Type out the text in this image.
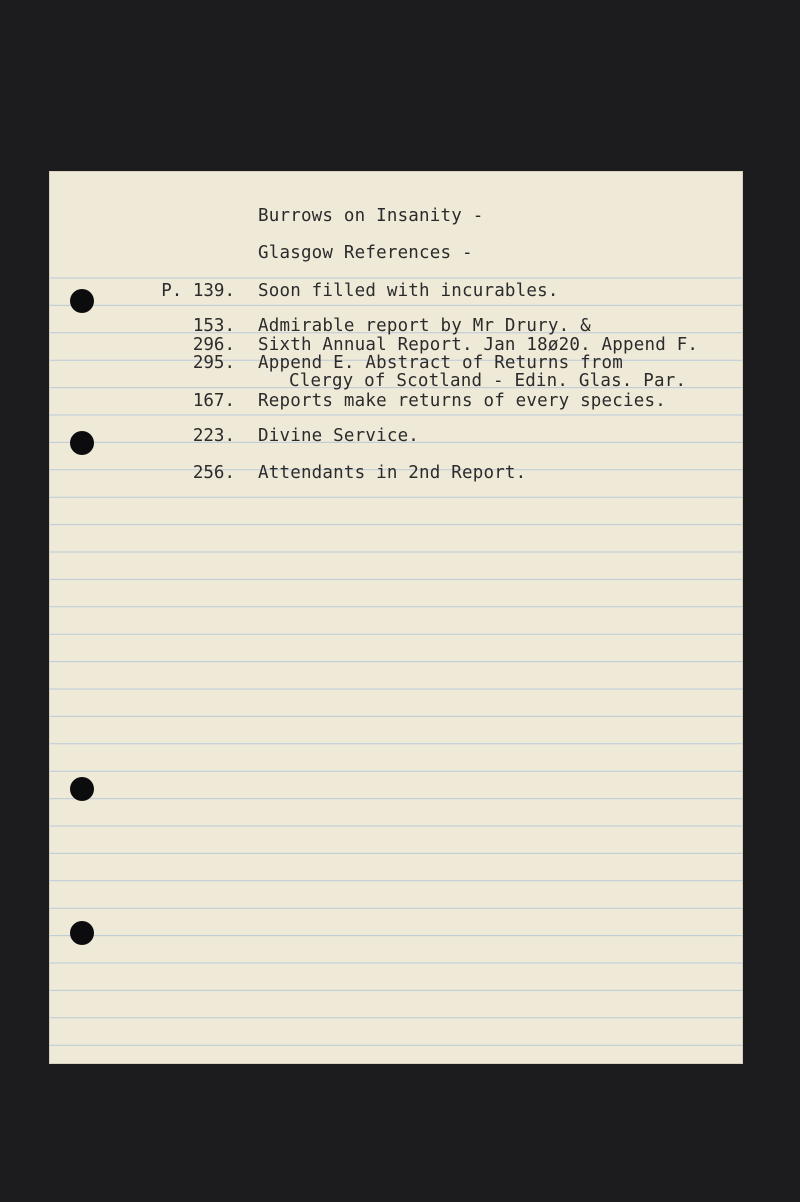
Burrows on Insanity -
Glasgow References -
P. 139. Soon filled with incurables.
153. Admirable report by Mr Drury. &
296. Sixth Annual Report. Jan 18ø20. Append F.
295. Append E. Abstract of Returns from
Clergy of Scotland - Edin. Glas. Par.
167. Reports make returns of every species.
223. Divine Service.
256. Attendants in 2nd Report.
